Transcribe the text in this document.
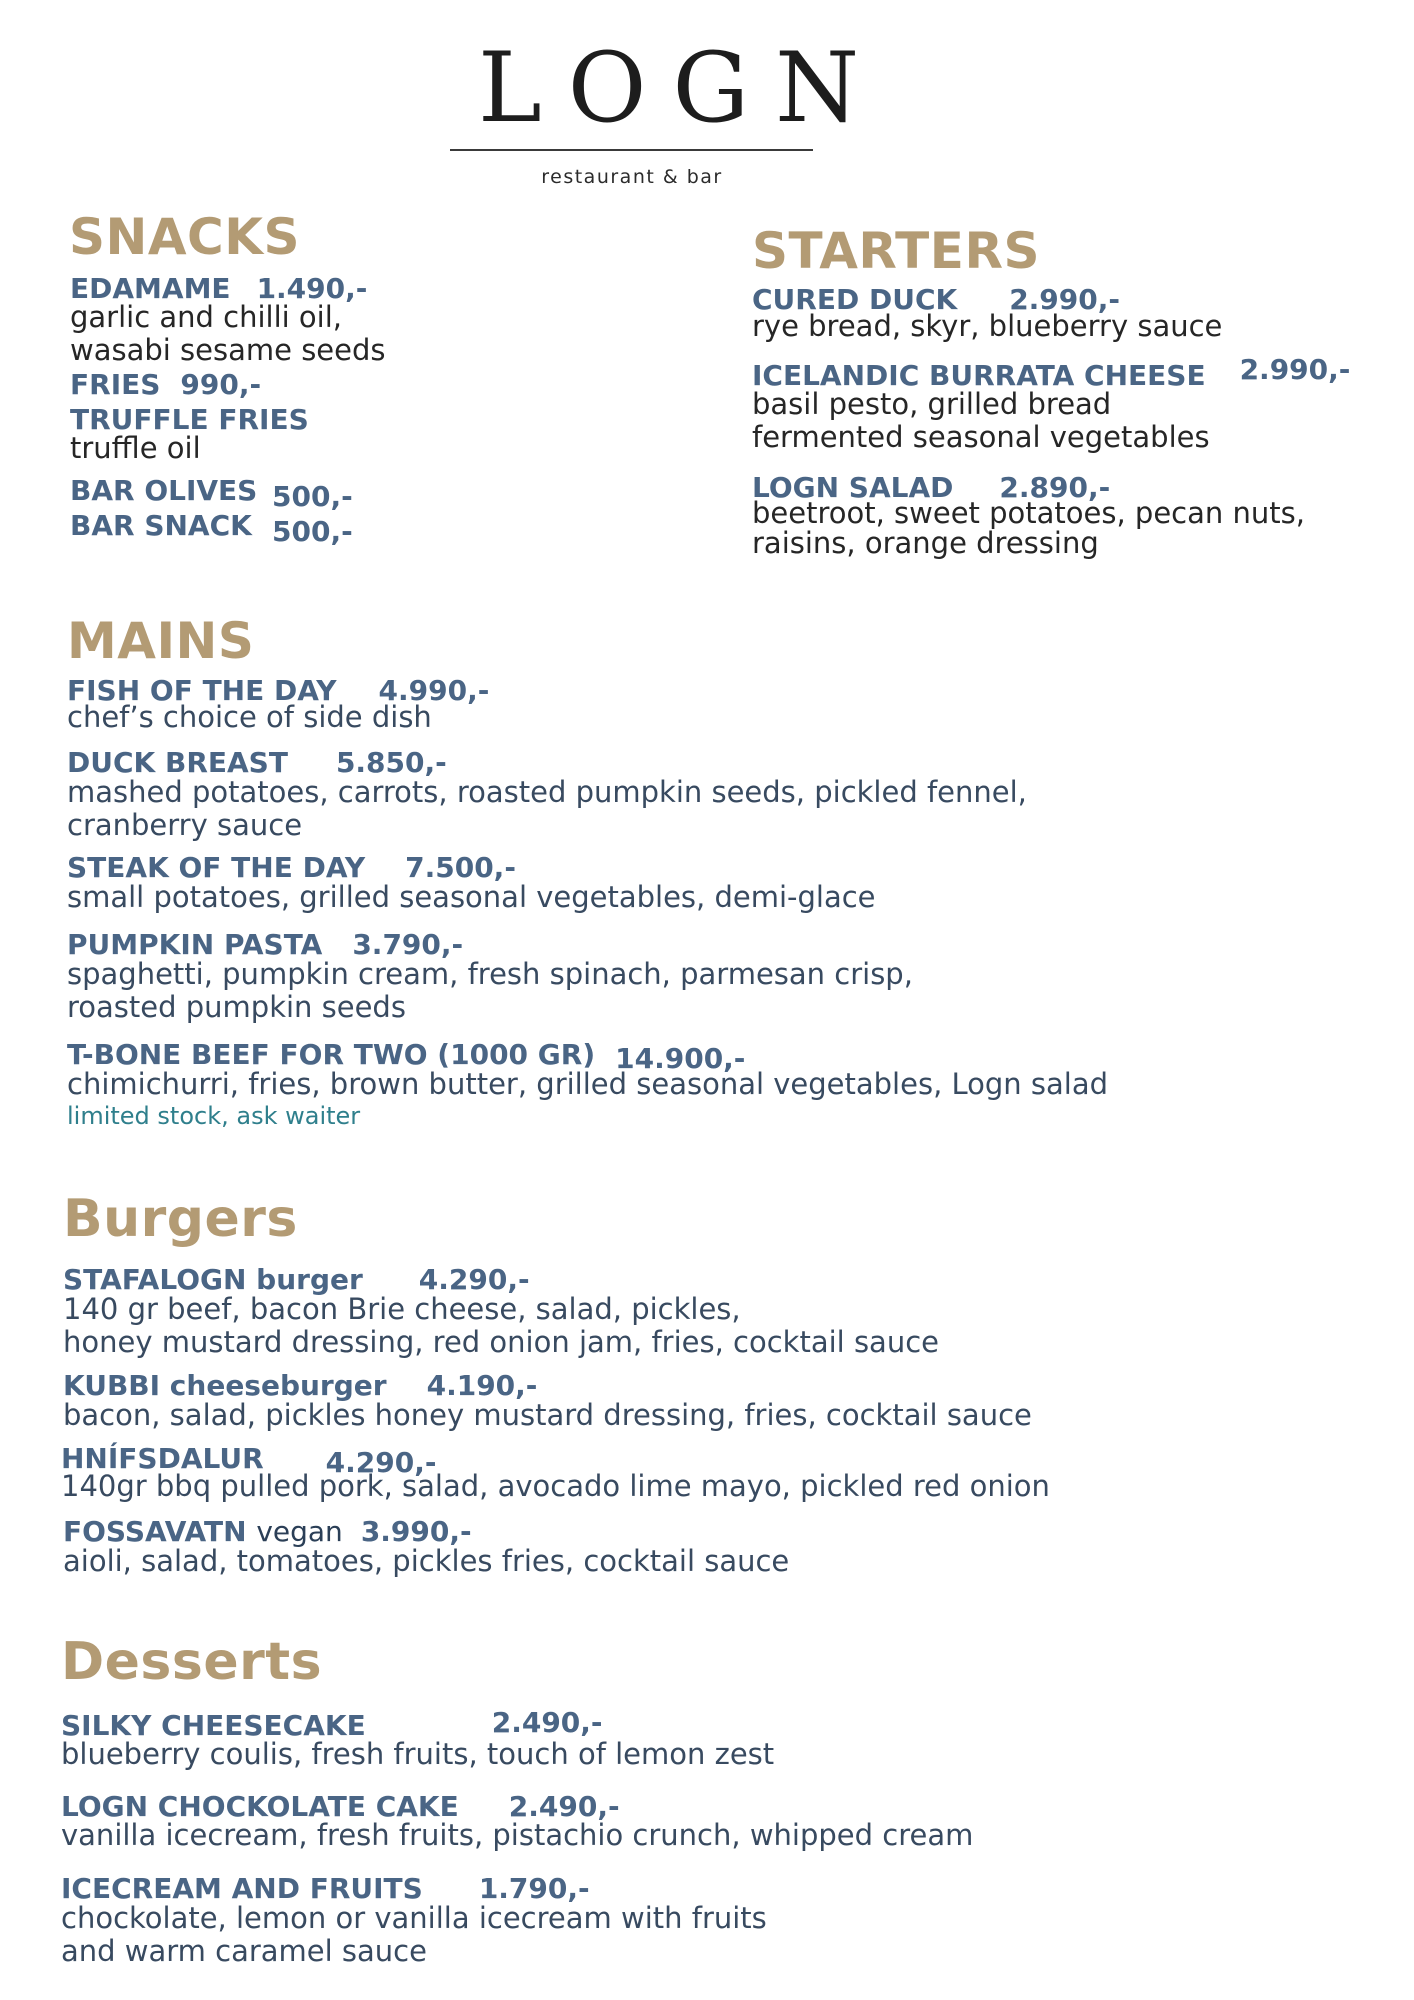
LOGN
restaurant & bar
SNACKS
EDAMAME 1.490,-
garlic and chilli oil,
wasabi sesame seeds
FRIES 990,-
TRUFFLE FRIES
truffle oil
BAR OLIVES 500,-
BAR SNACK 500,-
STARTERS
CURED DUCK 2.990,-
rye bread, skyr, blueberry sauce
ICELANDIC BURRATA CHEESE 2.990,-
basil pesto, grilled bread
fermented seasonal vegetables
LOGN SALAD 2.890,-
beetroot, sweet potatoes, pecan nuts,
raisins, orange dressing
MAINS
FISH OF THE DAY 4.990,-
chef’s choice of side dish
DUCK BREAST 5.850,-
mashed potatoes, carrots, roasted pumpkin seeds, pickled fennel,
cranberry sauce
STEAK OF THE DAY 7.500,-
small potatoes, grilled seasonal vegetables, demi-glace
PUMPKIN PASTA 3.790,-
spaghetti, pumpkin cream, fresh spinach, parmesan crisp,
roasted pumpkin seeds
T-BONE BEEF FOR TWO (1000 GR) 14.900,-
chimichurri, fries, brown butter, grilled seasonal vegetables, Logn salad
limited stock, ask waiter
Burgers
STAFALOGN burger 4.290,-
140 gr beef, bacon Brie cheese, salad, pickles,
honey mustard dressing, red onion jam, fries, cocktail sauce
KUBBI cheeseburger 4.190,-
bacon, salad, pickles honey mustard dressing, fries, cocktail sauce
HNÍFSDALUR 4.290,-
140gr bbq pulled pork, salad, avocado lime mayo, pickled red onion
FOSSAVATN vegan 3.990,-
aioli, salad, tomatoes, pickles fries, cocktail sauce
Desserts
SILKY CHEESECAKE	2.490,-
blueberry coulis, fresh fruits, touch of lemon zest
LOGN CHOCKOLATE CAKE 2.490,-
vanilla icecream, fresh fruits, pistachio crunch, whipped cream
ICECREAM AND FRUITS 1.790,-
chockolate, lemon or vanilla icecream with fruits
and warm caramel sauce
